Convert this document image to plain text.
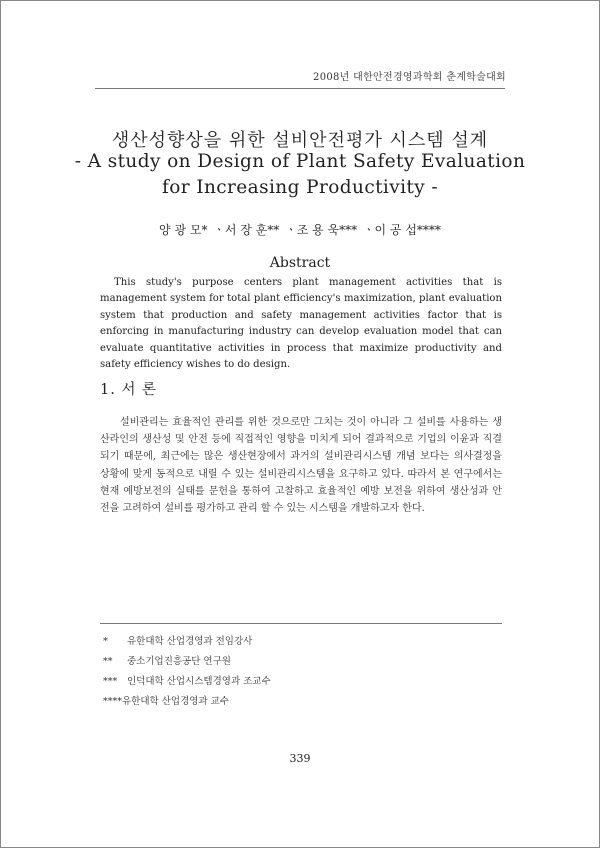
2008년 대한안전경영과학회 춘계학술대회
생산성향상을 위한 설비안전평가 시스템 설계
- A study on Design of Plant Safety Evaluation
for Increasing Productivity -
양 광 모* ㆍ서 장 훈** ㆍ조 용 욱*** ㆍ이 공 섭****
Abstract
This study's purpose centers plant management activities that is management system for total plant efficiency's maximization, plant evaluation system that production and safety management activities factor that is enforcing in manufacturing industry can develop evaluation model that can evaluate quantitative activities in process that maximize productivity and safety efficiency wishes to do design.
1. 서 론
설비관리는 효율적인 관리를 위한 것으로만 그치는 것이 아니라 그 설비를 사용하는 생산라인의 생산성 및 안전 등에 직접적인 영향을 미치게 되어 결과적으로 기업의 이윤과 직결되기 때문에, 최근에는 많은 생산현장에서 과거의 설비관리시스템 개념 보다는 의사결정을 상황에 맞게 동적으로 내릴 수 있는 설비관리시스템을 요구하고 있다. 따라서 본 연구에서는 현재 예방보전의 실태를 문헌을 통하여 고찰하고 효율적인 예방 보전을 위하여 생산성과 안전을 고려하여 설비를 평가하고 관리 할 수 있는 시스템을 개발하고자 한다.
* 유한대학 산업경영과 전임강사
** 중소기업진흥공단 연구원
*** 인덕대학 산업시스템경영과 조교수
****유한대학 산업경영과 교수
339
